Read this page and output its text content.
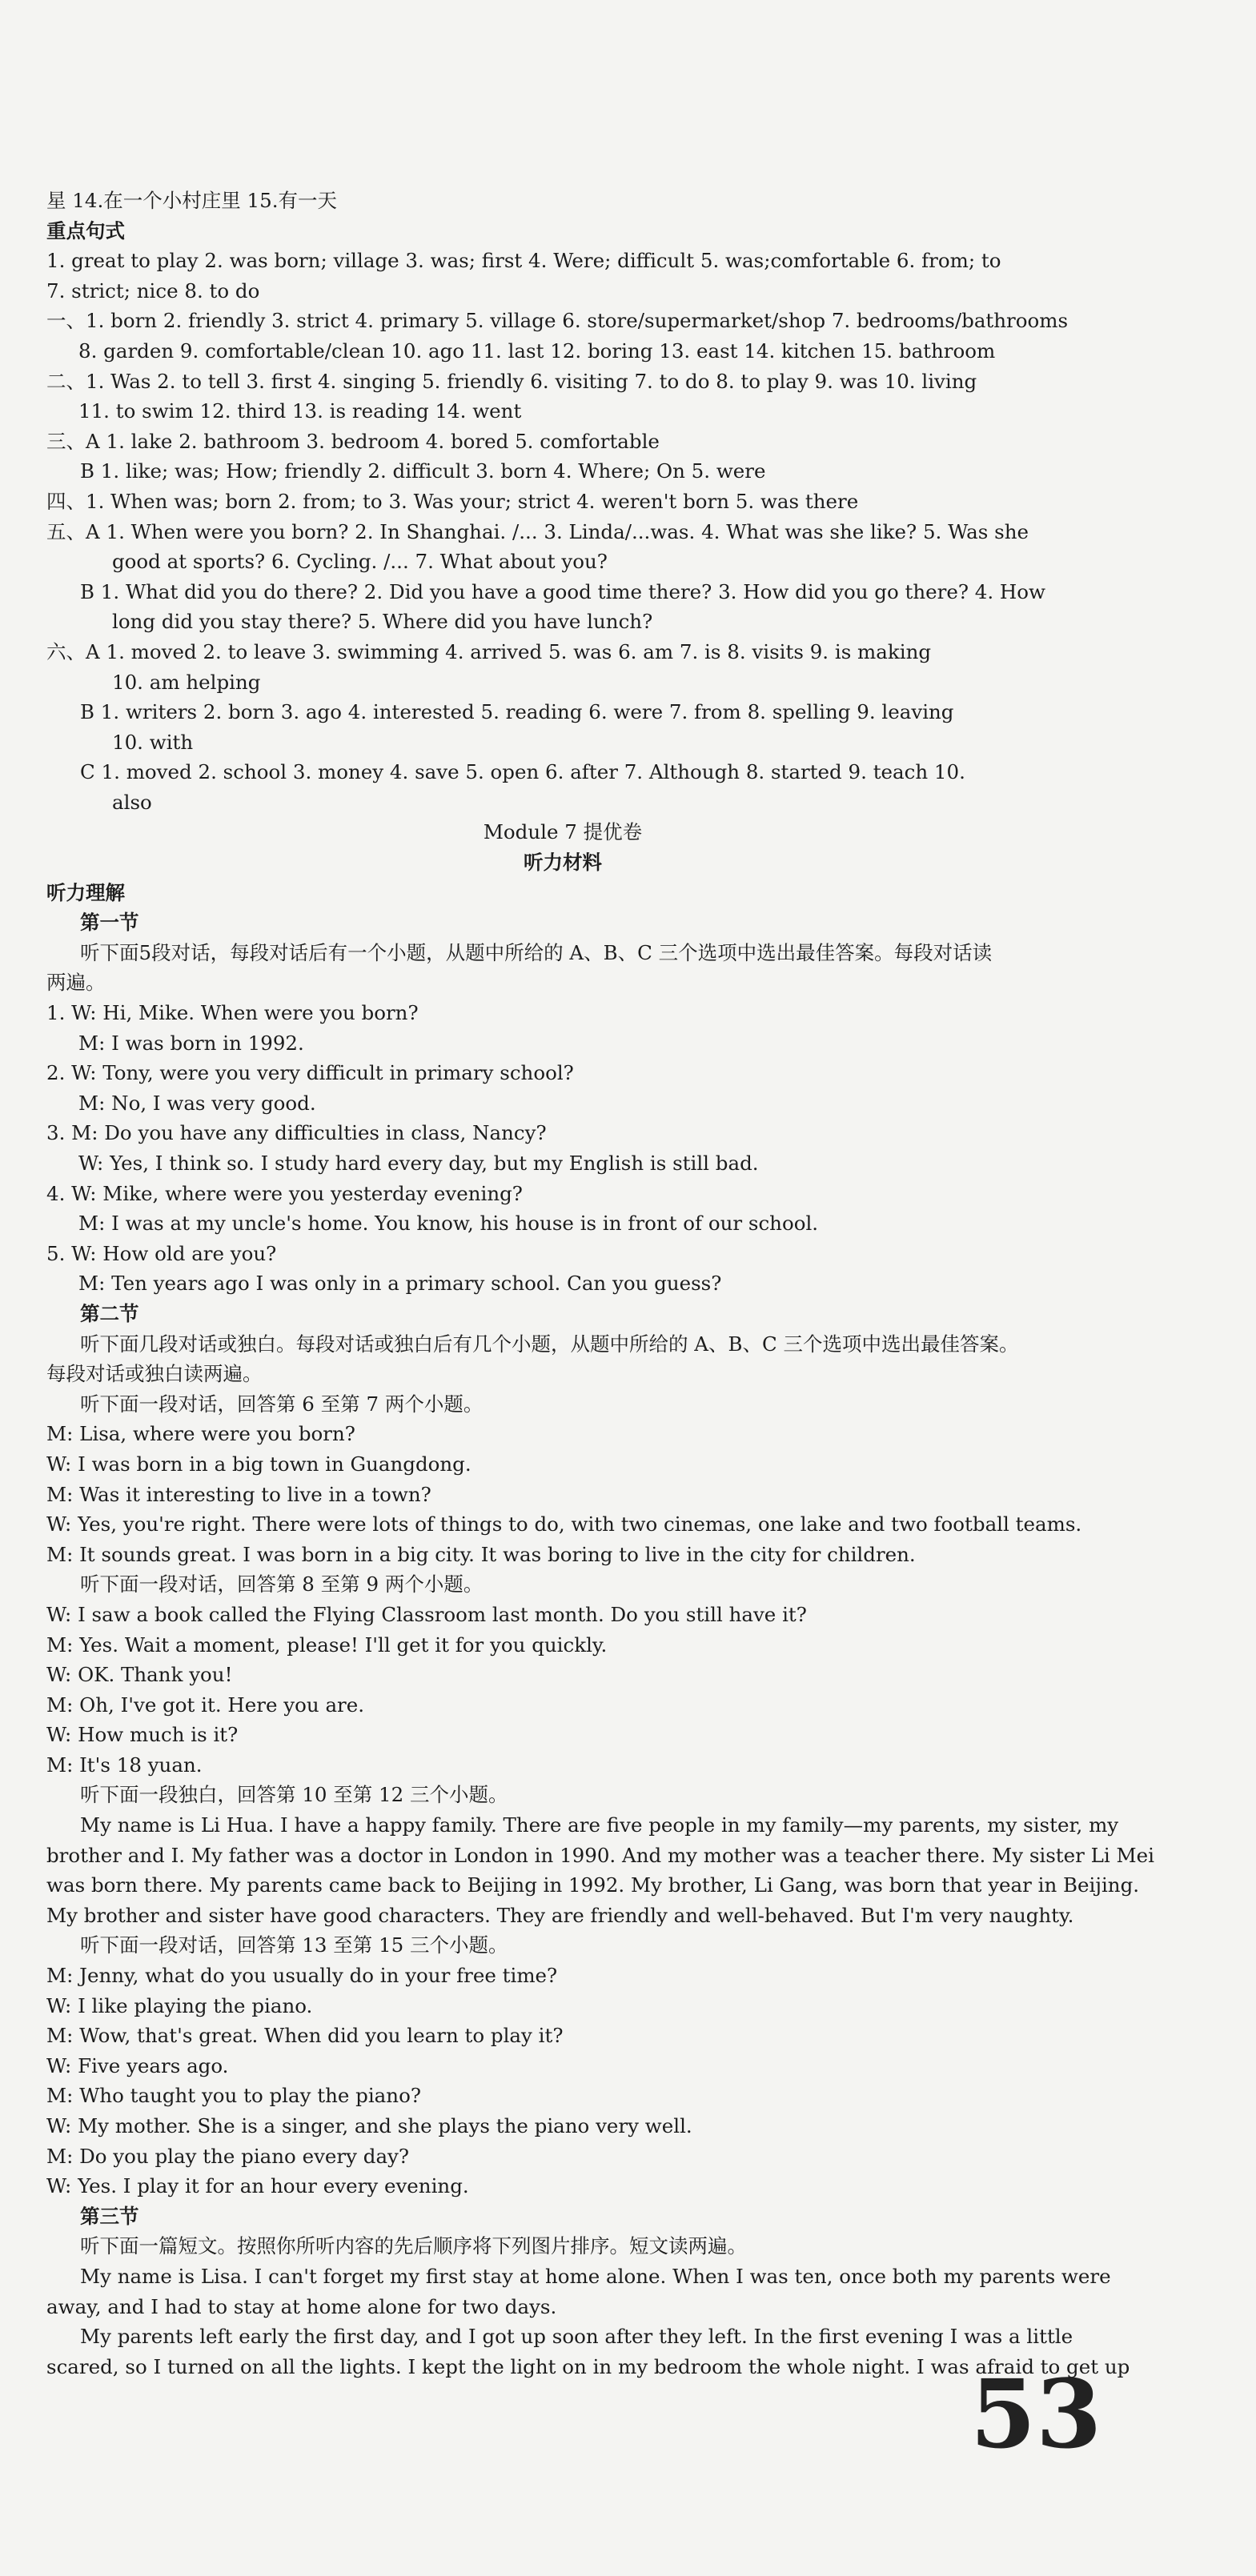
星 14.在一个小村庄里 15.有一天
重点句式
1. great to play 2. was born; village 3. was; first 4. Were; difficult 5. was;comfortable 6. from; to
7. strict; nice 8. to do
一、1. born 2. friendly 3. strict 4. primary 5. village 6. store/supermarket/shop 7. bedrooms/bathrooms
8. garden 9. comfortable/clean 10. ago 11. last 12. boring 13. east 14. kitchen 15. bathroom
二、1. Was 2. to tell 3. first 4. singing 5. friendly 6. visiting 7. to do 8. to play 9. was 10. living
11. to swim 12. third 13. is reading 14. went
三、A 1. lake 2. bathroom 3. bedroom 4. bored 5. comfortable
B 1. like; was; How; friendly 2. difficult 3. born 4. Where; On 5. were
四、1. When was; born 2. from; to 3. Was your; strict 4. weren't born 5. was there
五、A 1. When were you born? 2. In Shanghai. /... 3. Linda/...was. 4. What was she like? 5. Was she
good at sports? 6. Cycling. /... 7. What about you?
B 1. What did you do there? 2. Did you have a good time there? 3. How did you go there? 4. How
long did you stay there? 5. Where did you have lunch?
六、A 1. moved 2. to leave 3. swimming 4. arrived 5. was 6. am 7. is 8. visits 9. is making
10. am helping
B 1. writers 2. born 3. ago 4. interested 5. reading 6. were 7. from 8. spelling 9. leaving
10. with
C 1. moved 2. school 3. money 4. save 5. open 6. after 7. Although 8. started 9. teach 10.
also
Module 7 提优卷
听力材料
听力理解
第一节
听下面5段对话，每段对话后有一个小题，从题中所给的 A、B、C 三个选项中选出最佳答案。每段对话读
两遍。
1. W: Hi, Mike. When were you born?
M: I was born in 1992.
2. W: Tony, were you very difficult in primary school?
M: No, I was very good.
3. M: Do you have any difficulties in class, Nancy?
W: Yes, I think so. I study hard every day, but my English is still bad.
4. W: Mike, where were you yesterday evening?
M: I was at my uncle's home. You know, his house is in front of our school.
5. W: How old are you?
M: Ten years ago I was only in a primary school. Can you guess?
第二节
听下面几段对话或独白。每段对话或独白后有几个小题，从题中所给的 A、B、C 三个选项中选出最佳答案。
每段对话或独白读两遍。
听下面一段对话，回答第 6 至第 7 两个小题。
M: Lisa, where were you born?
W: I was born in a big town in Guangdong.
M: Was it interesting to live in a town?
W: Yes, you're right. There were lots of things to do, with two cinemas, one lake and two football teams.
M: It sounds great. I was born in a big city. It was boring to live in the city for children.
听下面一段对话，回答第 8 至第 9 两个小题。
W: I saw a book called the Flying Classroom last month. Do you still have it?
M: Yes. Wait a moment, please! I'll get it for you quickly.
W: OK. Thank you!
M: Oh, I've got it. Here you are.
W: How much is it?
M: It's 18 yuan.
听下面一段独白，回答第 10 至第 12 三个小题。
My name is Li Hua. I have a happy family. There are five people in my family—my parents, my sister, my
brother and I. My father was a doctor in London in 1990. And my mother was a teacher there. My sister Li Mei
was born there. My parents came back to Beijing in 1992. My brother, Li Gang, was born that year in Beijing.
My brother and sister have good characters. They are friendly and well-behaved. But I'm very naughty.
听下面一段对话，回答第 13 至第 15 三个小题。
M: Jenny, what do you usually do in your free time?
W: I like playing the piano.
M: Wow, that's great. When did you learn to play it?
W: Five years ago.
M: Who taught you to play the piano?
W: My mother. She is a singer, and she plays the piano very well.
M: Do you play the piano every day?
W: Yes. I play it for an hour every evening.
第三节
听下面一篇短文。按照你所听内容的先后顺序将下列图片排序。短文读两遍。
My name is Lisa. I can't forget my first stay at home alone. When I was ten, once both my parents were
away, and I had to stay at home alone for two days.
My parents left early the first day, and I got up soon after they left. In the first evening I was a little
scared, so I turned on all the lights. I kept the light on in my bedroom the whole night. I was afraid to get up
53
